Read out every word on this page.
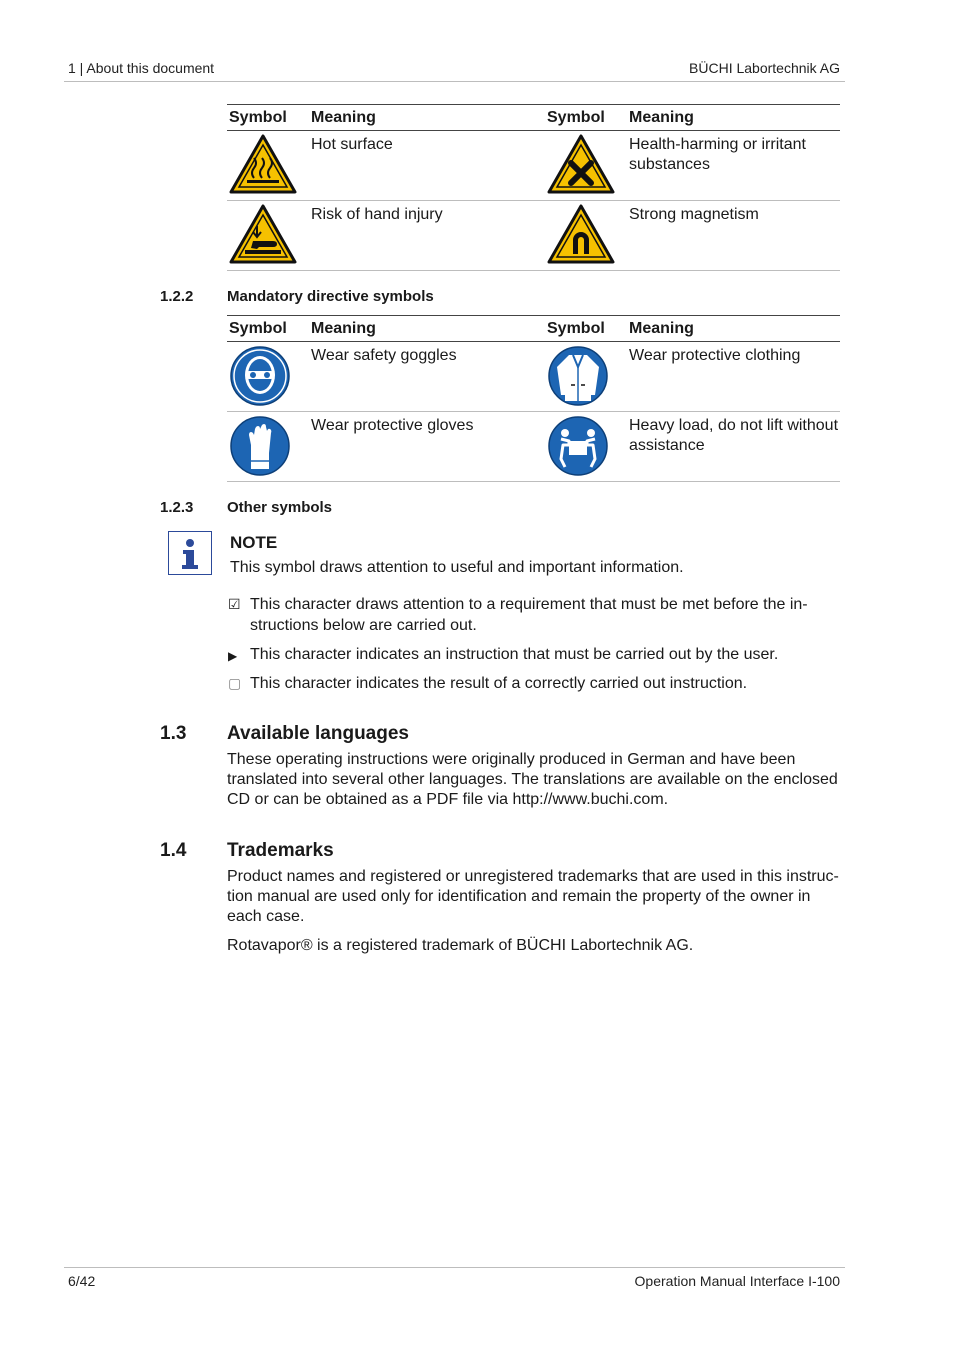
1 | About this document	BÜCHI Labortechnik AG
Symbol	Meaning	Symbol	Meaning

	Hot surface		Health-harming or irritant substances

	Risk of hand injury		Strong magnetism
1.2.2 Mandatory directive symbols
Symbol	Meaning	Symbol	Meaning

	Wear safety goggles		Wear protective clothing

	Wear protective gloves		Heavy load, do not lift without assistance
1.2.3 Other symbols
NOTE
This symbol draws attention to useful and important information.
☑ This character draws attention to a requirement that must be met before the in-structions below are carried out.
▶ This character indicates an instruction that must be carried out by the user.
▢ This character indicates the result of a correctly carried out instruction.
1.3 Available languages
These operating instructions were originally produced in German and have been translated into several other languages. The translations are available on the enclosed CD or can be obtained as a PDF file via http://www.buchi.com.
1.4 Trademarks
Product names and registered or unregistered trademarks that are used in this instruc-tion manual are used only for identification and remain the property of the owner in each case.
Rotavapor® is a registered trademark of BÜCHI Labortechnik AG.
6/42	Operation Manual Interface I-100
